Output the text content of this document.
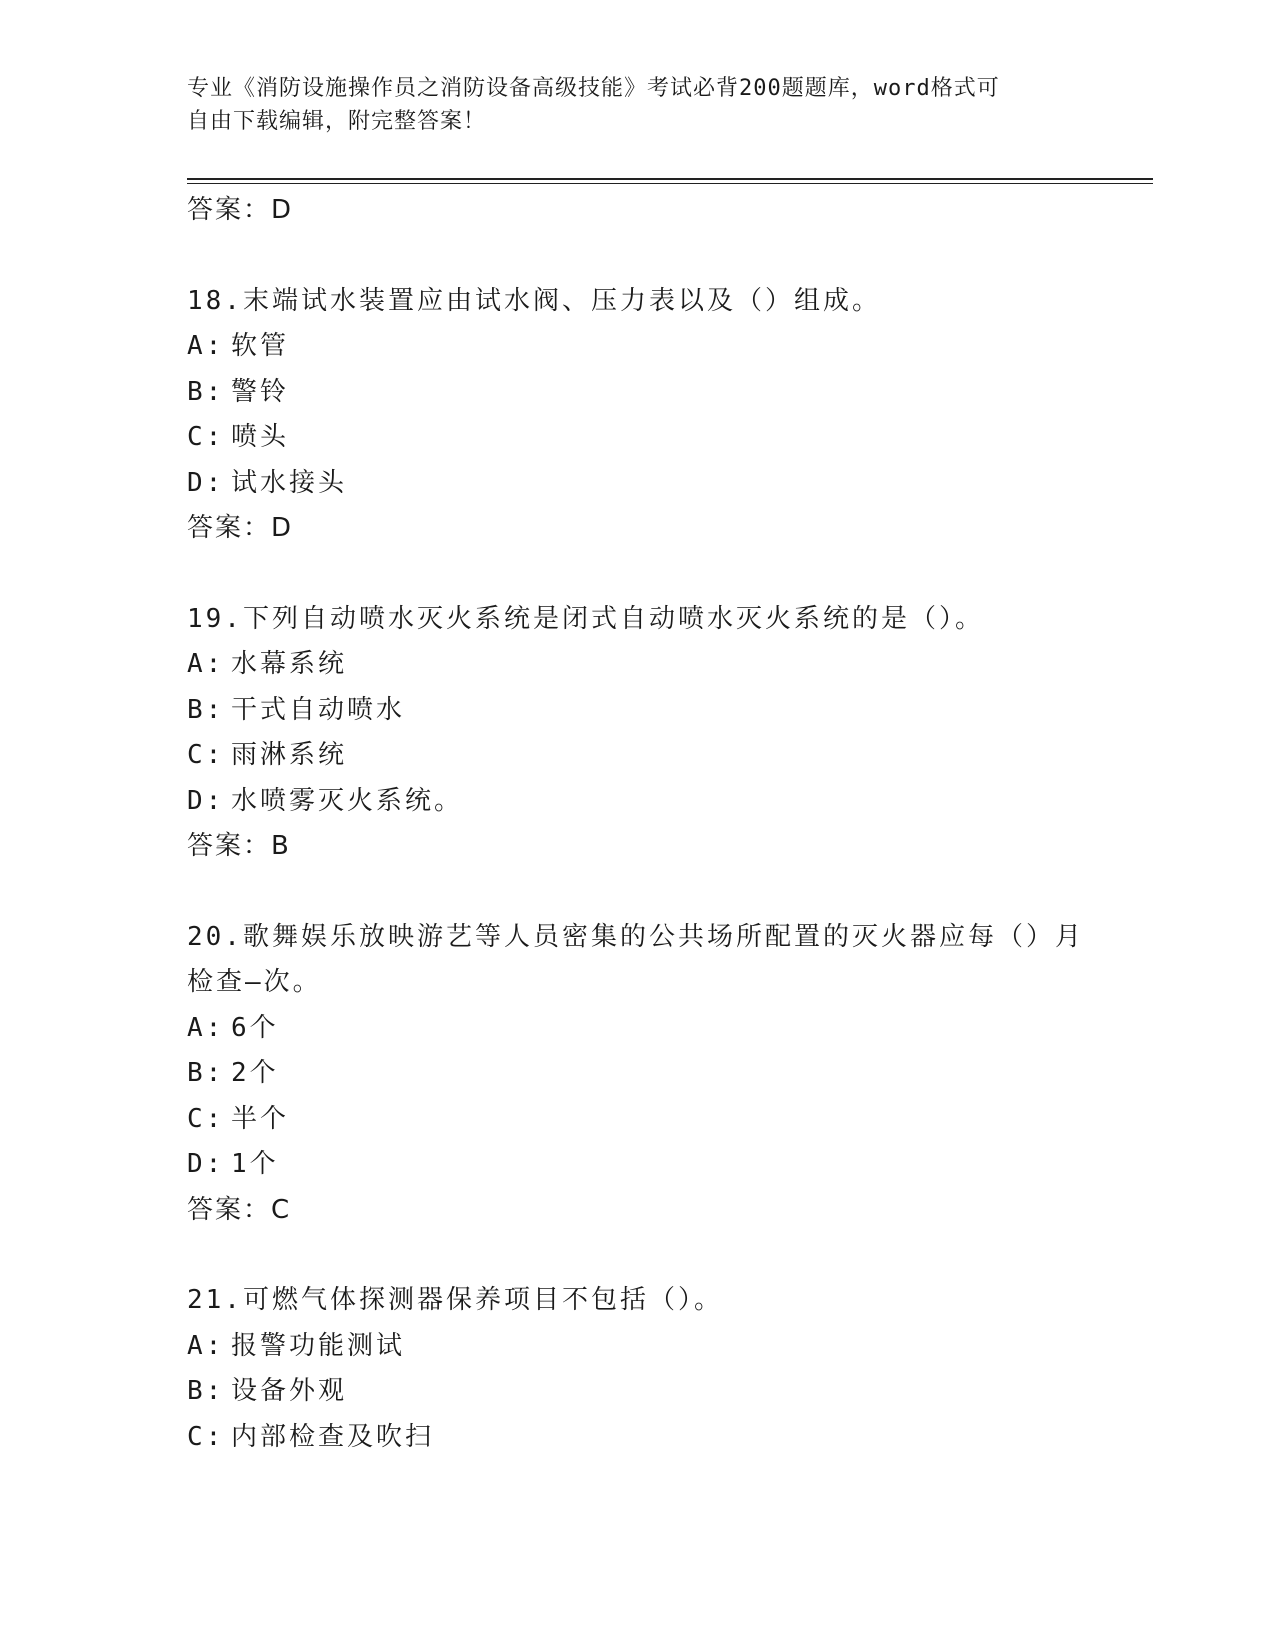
专业《消防设施操作员之消防设备高级技能》考试必背200题题库，word格式可
自由下载编辑，附完整答案！
答案：D
18.末端试水装置应由试水阀、压力表以及（）组成。
A: 软管
B: 警铃
C: 喷头
D: 试水接头
答案：D
19.下列自动喷水灭火系统是闭式自动喷水灭火系统的是（）。
A: 水幕系统
B: 干式自动喷水
C: 雨淋系统
D: 水喷雾灭火系统。
答案：B
20.歌舞娱乐放映游艺等人员密集的公共场所配置的灭火器应每（）月
检查—次。
A: 6个
B: 2个
C: 半个
D: 1个
答案：C
21.可燃气体探测器保养项目不包括（）。
A: 报警功能测试
B: 设备外观
C: 内部检查及吹扫
